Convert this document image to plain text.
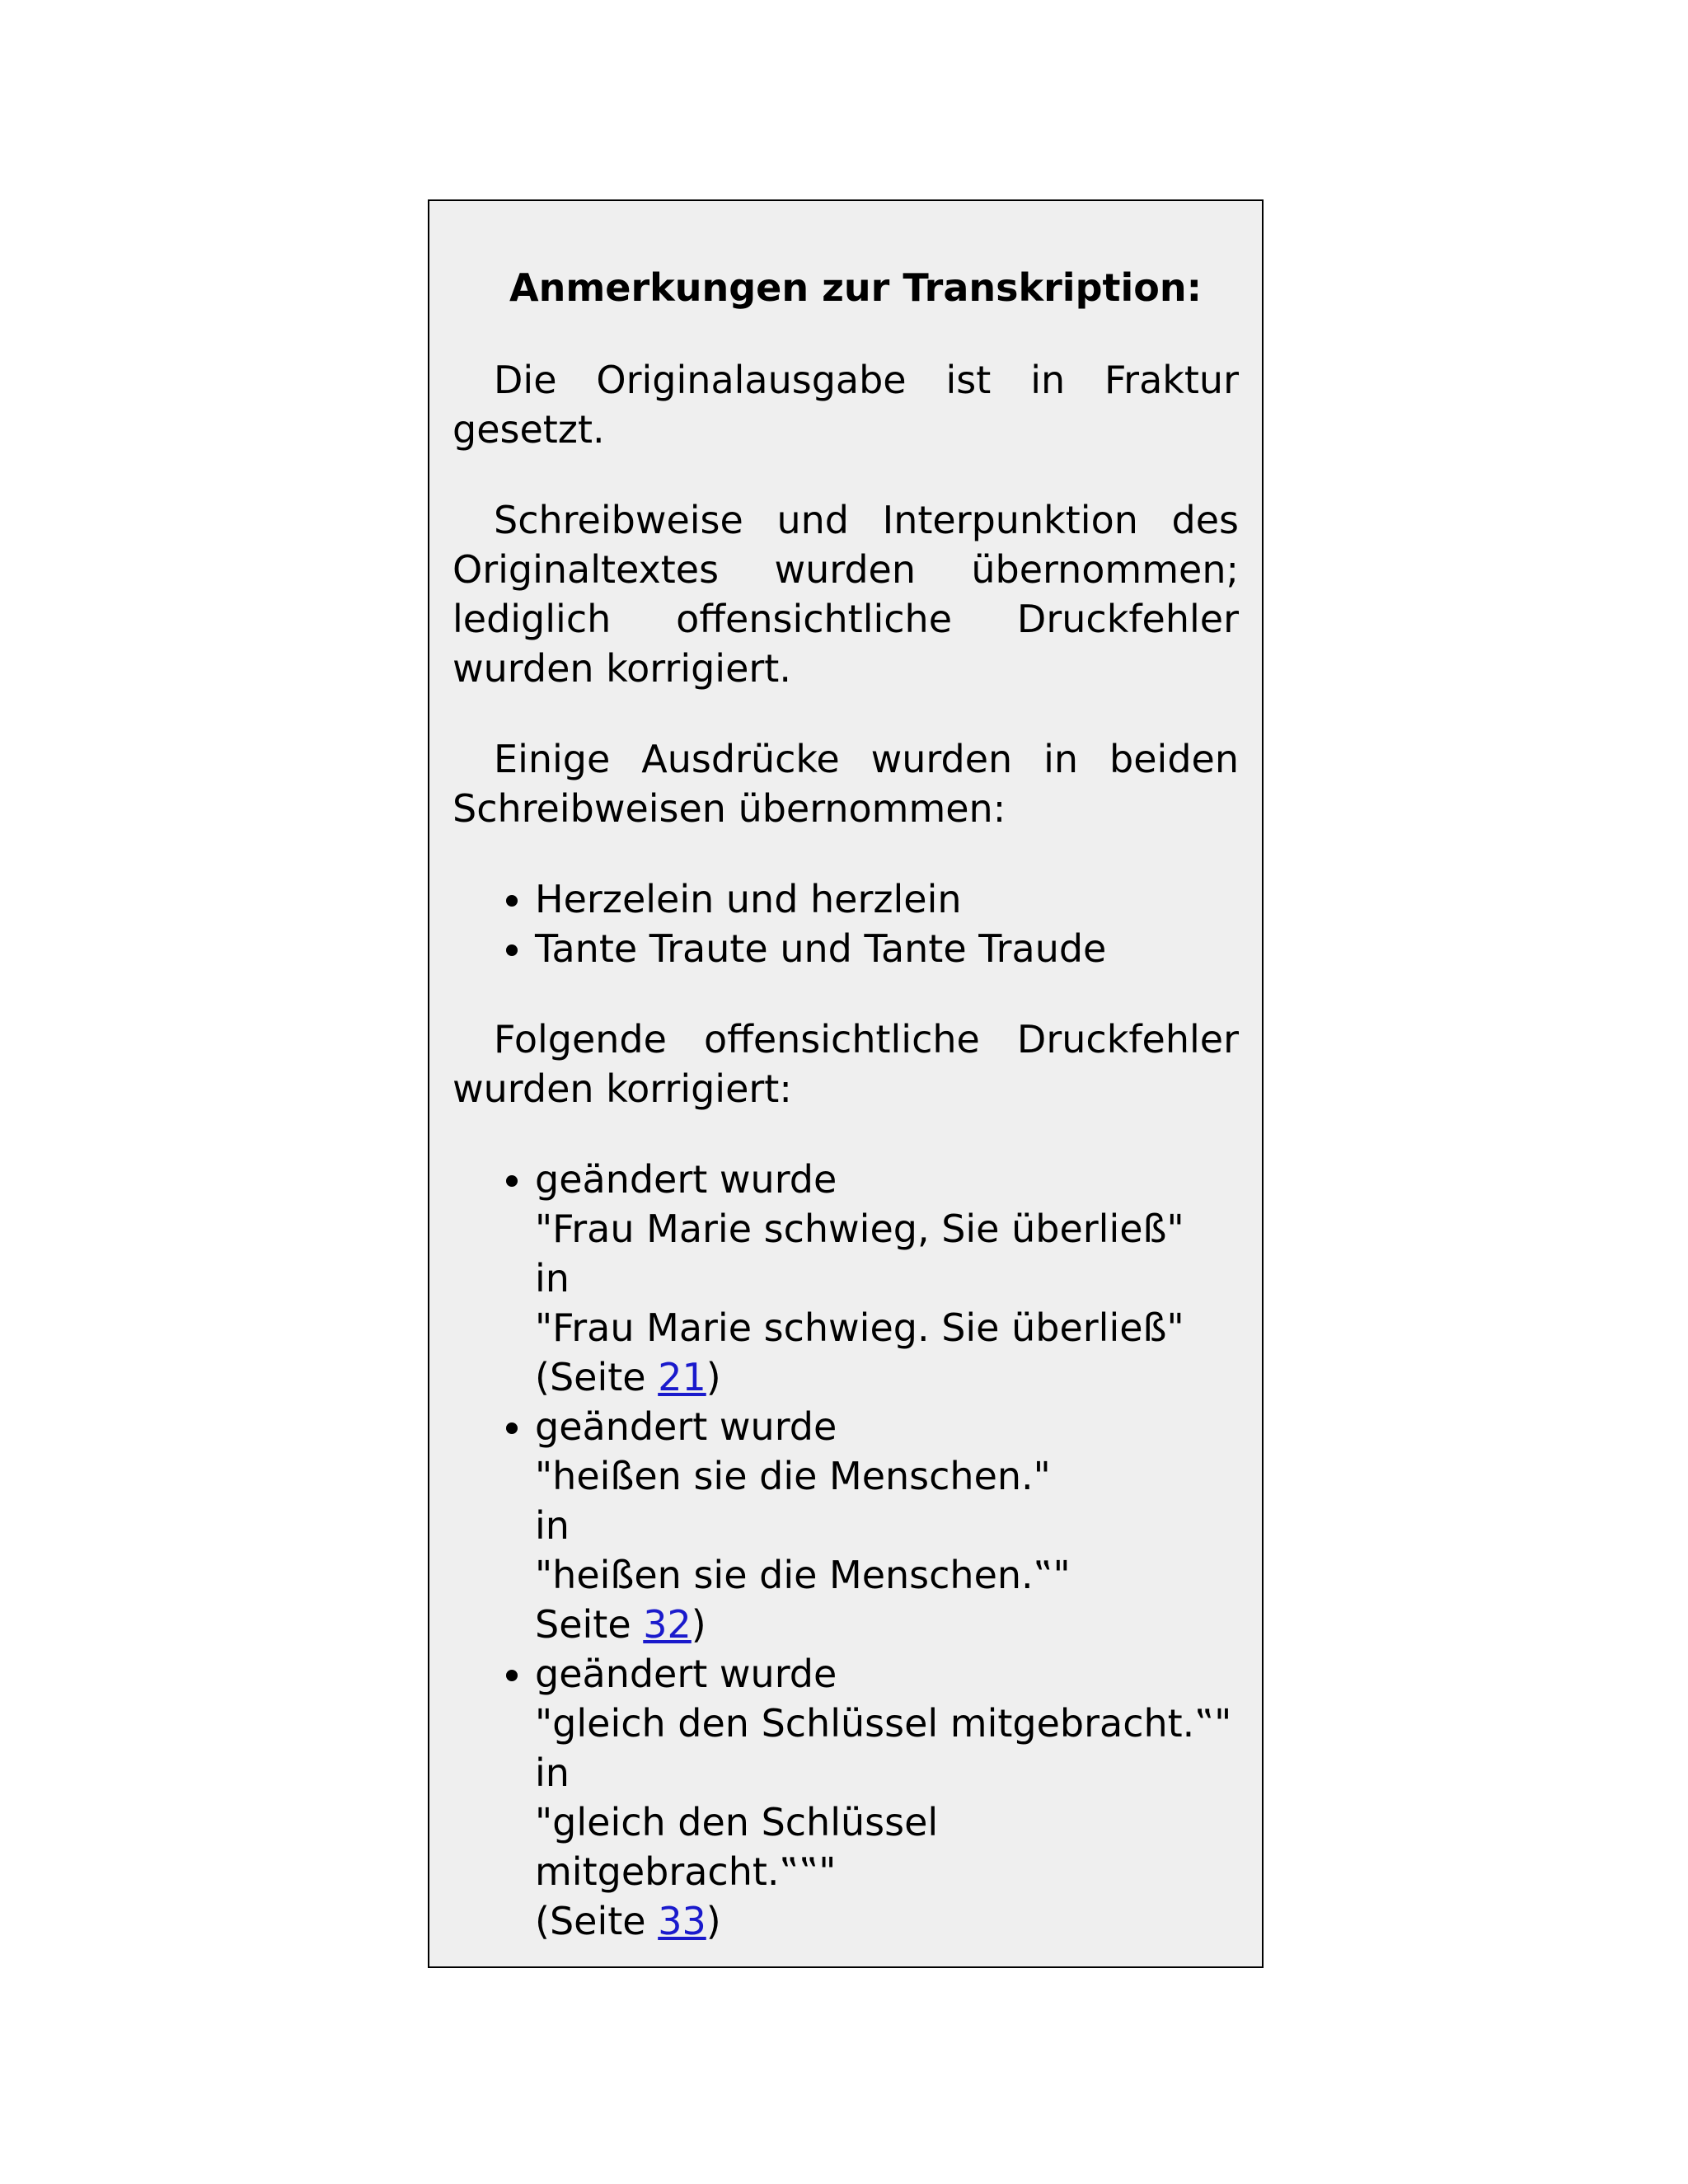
Anmerkungen zur Transkription:

Die Originalausgabe ist in Fraktur gesetzt.

Schreibweise und Interpunktion des Originaltextes wurden übernommen; lediglich offensichtliche Druckfehler wurden korrigiert.

Einige Ausdrücke wurden in beiden Schreibweisen übernommen:

• Herzelein und herzlein
• Tante Traute und Tante Traude

Folgende offensichtliche Druckfehler wurden korrigiert:

• geändert wurde
"Frau Marie schwieg, Sie überließ"
in
"Frau Marie schwieg. Sie überließ"
(Seite 21)
• geändert wurde
"heißen sie die Menschen."
in
"heißen sie die Menschen.‟"
Seite 32)
• geändert wurde
"gleich den Schlüssel mitgebracht.‟"
in
"gleich den Schlüssel mitgebracht.‟‟"
(Seite 33)
